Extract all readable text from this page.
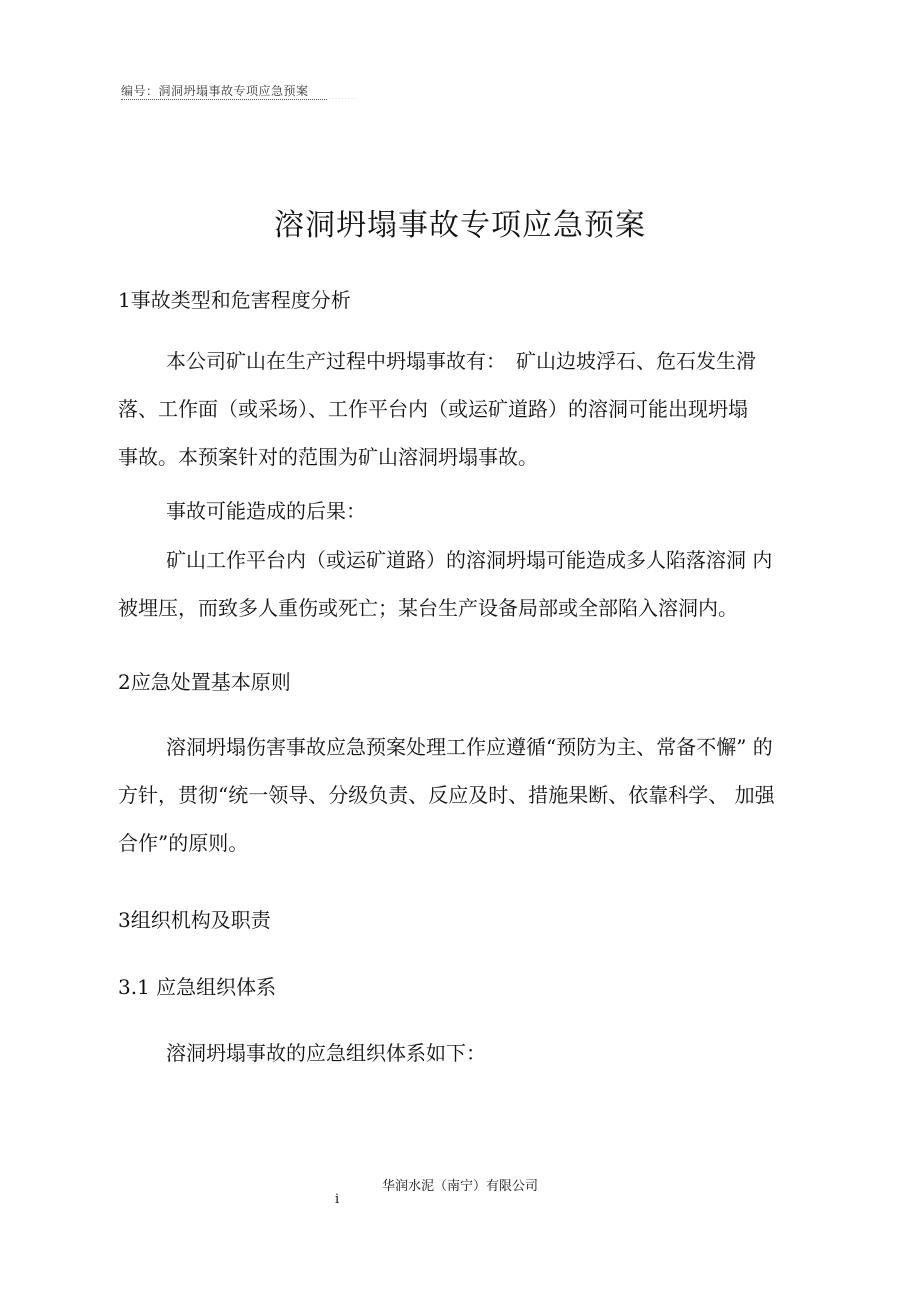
编号：洞洞坍塌事故专项应急预案
· · · · · · · · ·
溶洞坍塌事故专项应急预案
1事故类型和危害程度分析
本公司矿山在生产过程中坍塌事故有：　矿山边坡浮石、危石发生滑
落、工作面（或采场）、工作平台内（或运矿道路）的溶洞可能出现坍塌
事故。本预案针对的范围为矿山溶洞坍塌事故。
事故可能造成的后果：
矿山工作平台内（或运矿道路）的溶洞坍塌可能造成多人陷落溶洞 内
被埋压，而致多人重伤或死亡；某台生产设备局部或全部陷入溶洞内。
2应急处置基本原则
溶洞坍塌伤害事故应急预案处理工作应遵循“预防为主、常备不懈” 的
方针，贯彻“统一领导、分级负责、反应及时、措施果断、依靠科学、 加强
合作”的原则。
3组织机构及职责
3.1 应急组织体系
溶洞坍塌事故的应急组织体系如下：
华润水泥（南宁）有限公司
i
